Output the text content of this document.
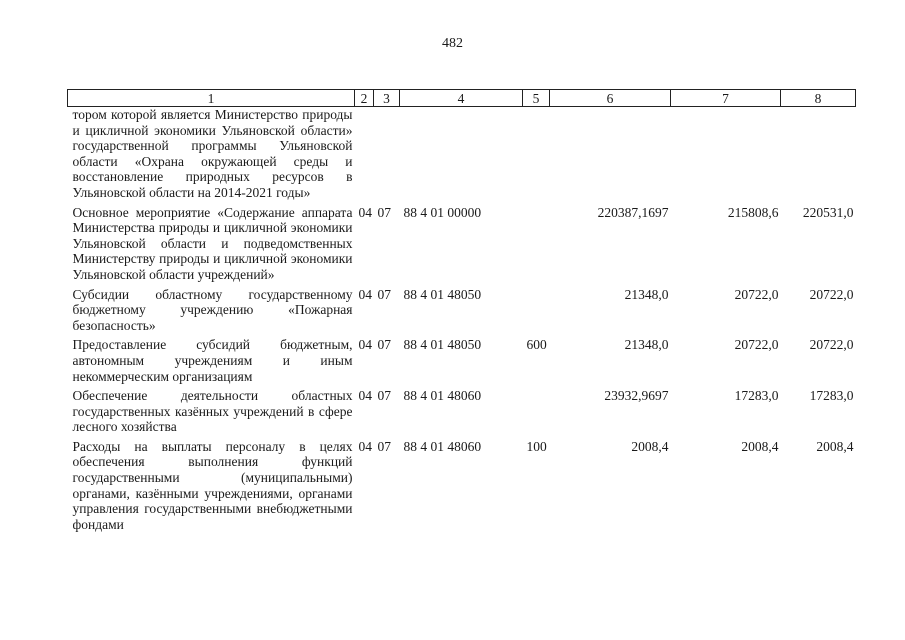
482
1	2	3	4	5	6	7	8
тором которой является Министерство природы и цикличной экономики Ульяновской области» государственной программы Ульяновской области «Охрана окружающей среды и восстановление природных ресурсов в Ульяновской области на 2014-2021 годы»							
Основное мероприятие «Содержание аппарата Министерства природы и цикличной экономики Ульяновской области и подведомственных Министерству природы и цикличной экономики Ульяновской области учреждений»	04	07	88 4 01 00000		220387,1697	215808,6	220531,0
Субсидии областному государственному бюджетному учреждению «Пожарная безопасность»	04	07	88 4 01 48050		21348,0	20722,0	20722,0
Предоставление субсидий бюджетным, автономным учреждениям и иным некоммерческим организациям	04	07	88 4 01 48050	600	21348,0	20722,0	20722,0
Обеспечение деятельности областных государственных казённых учреждений в сфере лесного хозяйства	04	07	88 4 01 48060		23932,9697	17283,0	17283,0
Расходы на выплаты персоналу в целях обеспечения выполнения функций государственными (муниципальными) органами, казёнными учреждениями, органами управления государственными внебюджетными фондами	04	07	88 4 01 48060	100	2008,4	2008,4	2008,4
